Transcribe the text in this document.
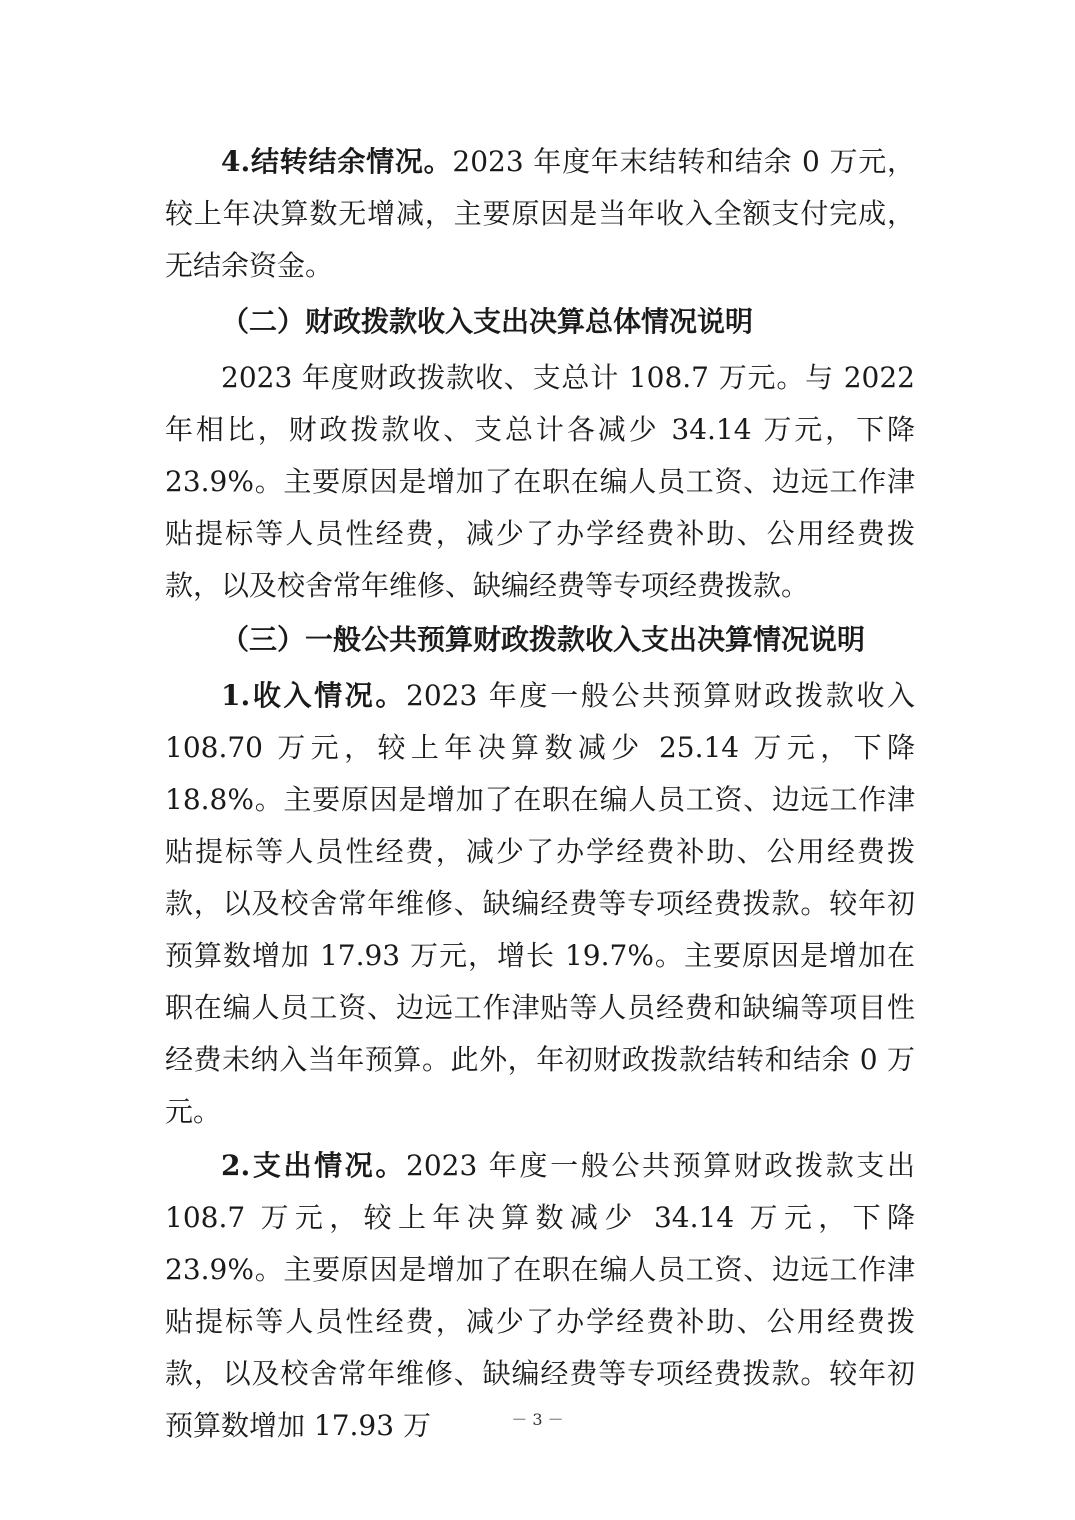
4.结转结余情况。2023 年度年末结转和结余 0 万元，较上年决算数无增减，主要原因是当年收入全额支付完成，无结余资金。

（二）财政拨款收入支出决算总体情况说明

2023 年度财政拨款收、支总计 108.7 万元。与 2022 年相比，财政拨款收、支总计各减少 34.14 万元，下降 23.9%。主要原因是增加了在职在编人员工资、边远工作津贴提标等人员性经费，减少了办学经费补助、公用经费拨款，以及校舍常年维修、缺编经费等专项经费拨款。

（三）一般公共预算财政拨款收入支出决算情况说明

1.收入情况。2023 年度一般公共预算财政拨款收入 108.70 万元，较上年决算数减少 25.14 万元，下降 18.8%。主要原因是增加了在职在编人员工资、边远工作津贴提标等人员性经费，减少了办学经费补助、公用经费拨款，以及校舍常年维修、缺编经费等专项经费拨款。较年初预算数增加 17.93 万元，增长 19.7%。主要原因是增加在职在编人员工资、边远工作津贴等人员经费和缺编等项目性经费未纳入当年预算。此外，年初财政拨款结转和结余 0 万元。

2.支出情况。2023 年度一般公共预算财政拨款支出 108.7 万元，较上年决算数减少 34.14 万元，下降 23.9%。主要原因是增加了在职在编人员工资、边远工作津贴提标等人员性经费，减少了办学经费补助、公用经费拨款，以及校舍常年维修、缺编经费等专项经费拨款。较年初预算数增加 17.93 万	－ 3 －
